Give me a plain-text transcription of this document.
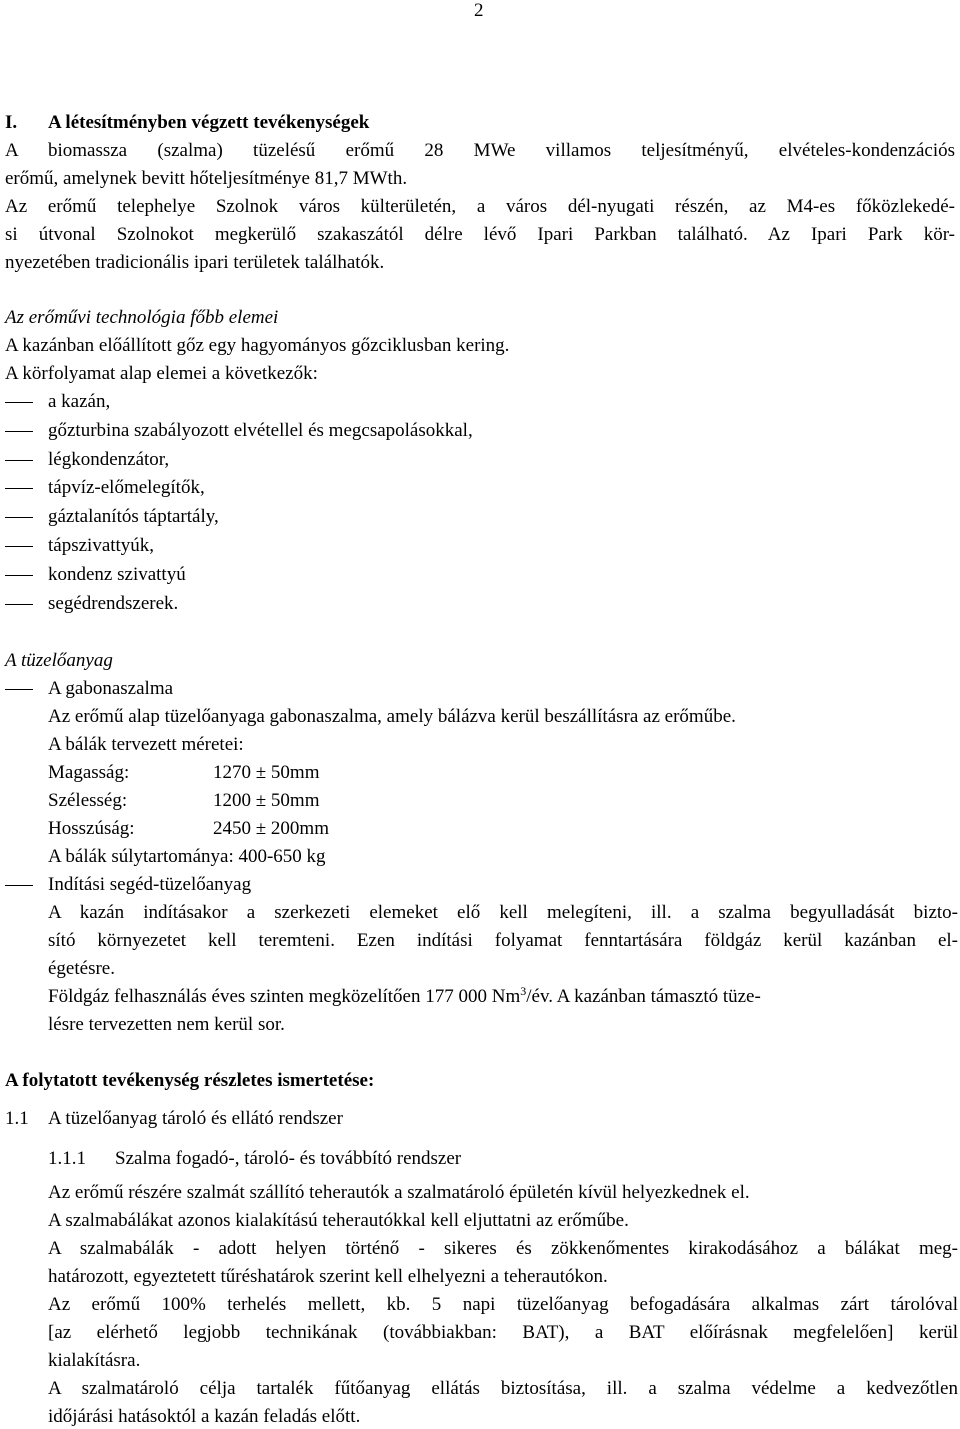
2
I. A létesítményben végzett tevékenységek
A biomassza (szalma) tüzelésű erőmű 28 MWe villamos teljesítményű, elvételes-kondenzációs
erőmű, amelynek bevitt hőteljesítménye 81,7 MWth.
Az erőmű telephelye Szolnok város külterületén, a város dél-nyugati részén, az M4-es főközlekedé-
si útvonal Szolnokot megkerülő szakaszától délre lévő Ipari Parkban található. Az Ipari Park kör-
nyezetében tradicionális ipari területek találhatók.
Az erőművi technológia főbb elemei
A kazánban előállított gőz egy hagyományos gőzciklusban kering.
A körfolyamat alap elemei a következők:
a kazán,
gőzturbina szabályozott elvétellel és megcsapolásokkal,
légkondenzátor,
tápvíz-előmelegítők,
gáztalanítós táptartály,
tápszivattyúk,
kondenz szivattyú
segédrendszerek.
A tüzelőanyag
A gabonaszalma
Az erőmű alap tüzelőanyaga gabonaszalma, amely bálázva kerül beszállításra az erőműbe.
A bálák tervezett méretei:
Magasság:	1270 ± 50mm
Szélesség:	1200 ± 50mm
Hosszúság:	2450 ± 200mm
A bálák súlytartománya: 400-650 kg
Indítási segéd-tüzelőanyag
A kazán indításakor a szerkezeti elemeket elő kell melegíteni, ill. a szalma begyulladását bizto-
sító környezetet kell teremteni. Ezen indítási folyamat fenntartására földgáz kerül kazánban el-
égetésre.
Földgáz felhasználás éves szinten megközelítően 177 000 Nm$^3$/év. A kazánban támasztó tüze-
lésre tervezetten nem kerül sor.
A folytatott tevékenység részletes ismertetése:
1.1 A tüzelőanyag tároló és ellátó rendszer
1.1.1 Szalma fogadó-, tároló- és továbbító rendszer
Az erőmű részére szalmát szállító teherautók a szalmatároló épületén kívül helyezkednek el.
A szalmabálákat azonos kialakítású teherautókkal kell eljuttatni az erőműbe.
A szalmabálák - adott helyen történő - sikeres és zökkenőmentes kirakodásához a bálákat meg-
határozott, egyeztetett tűréshatárok szerint kell elhelyezni a teherautókon.
Az erőmű 100% terhelés mellett, kb. 5 napi tüzelőanyag befogadására alkalmas zárt tárolóval
[az elérhető legjobb technikának (továbbiakban: BAT), a BAT előírásnak megfelelően] kerül
kialakításra.
A szalmatároló célja tartalék fűtőanyag ellátás biztosítása, ill. a szalma védelme a kedvezőtlen
időjárási hatásoktól a kazán feladás előtt.
